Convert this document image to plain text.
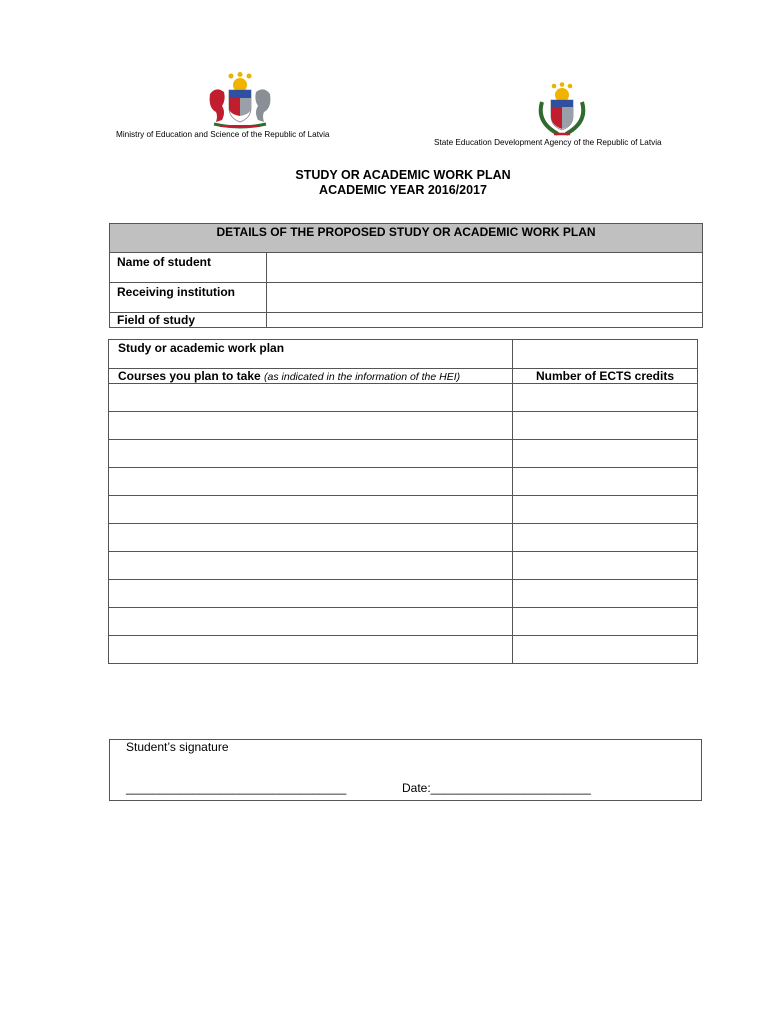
Ministry of Education and Science of the Republic of Latvia
State Education Development Agency of the Republic of Latvia
STUDY OR ACADEMIC WORK PLAN
ACADEMIC YEAR 2016/2017
DETAILS OF THE PROPOSED STUDY OR ACADEMIC WORK PLAN	
Name of student	
Receiving institution	
Field of study	
Study or academic work plan	
Courses you plan to take (as indicated in the information of the HEI)	Number of ECTS credits

Student’s signature
_________________________________	Date:________________________
